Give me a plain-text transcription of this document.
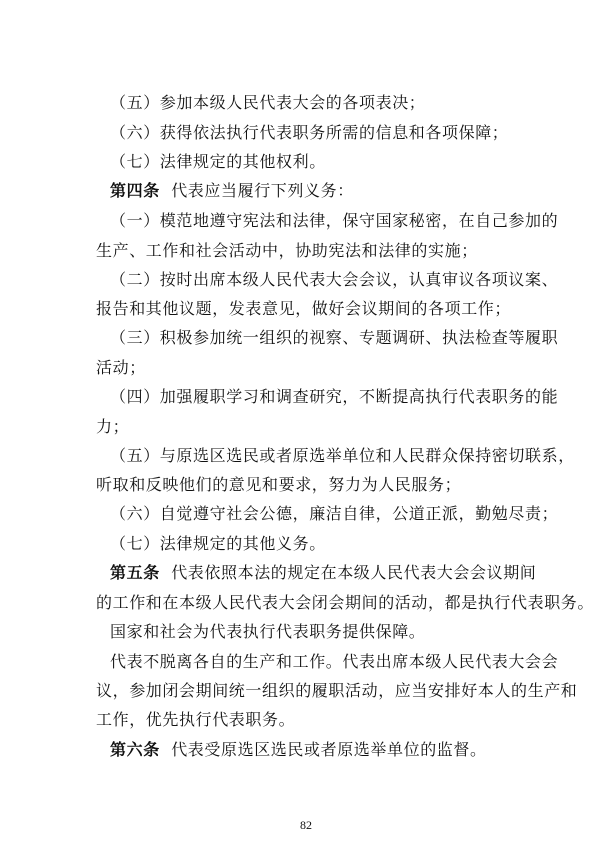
（五）参加本级人民代表大会的各项表决；
（六）获得依法执行代表职务所需的信息和各项保障；
（七）法律规定的其他权利。
第四条 代表应当履行下列义务：
（一）模范地遵守宪法和法律，保守国家秘密，在自己参加的
生产、工作和社会活动中，协助宪法和法律的实施；
（二）按时出席本级人民代表大会会议，认真审议各项议案、
报告和其他议题，发表意见，做好会议期间的各项工作；
（三）积极参加统一组织的视察、专题调研、执法检查等履职
活动；
（四）加强履职学习和调查研究，不断提高执行代表职务的能
力；
（五）与原选区选民或者原选举单位和人民群众保持密切联系，
听取和反映他们的意见和要求，努力为人民服务；
（六）自觉遵守社会公德，廉洁自律，公道正派，勤勉尽责；
（七）法律规定的其他义务。
第五条 代表依照本法的规定在本级人民代表大会会议期间
的工作和在本级人民代表大会闭会期间的活动，都是执行代表职务。
国家和社会为代表执行代表职务提供保障。
代表不脱离各自的生产和工作。代表出席本级人民代表大会会
议，参加闭会期间统一组织的履职活动，应当安排好本人的生产和
工作，优先执行代表职务。
第六条 代表受原选区选民或者原选举单位的监督。
82
